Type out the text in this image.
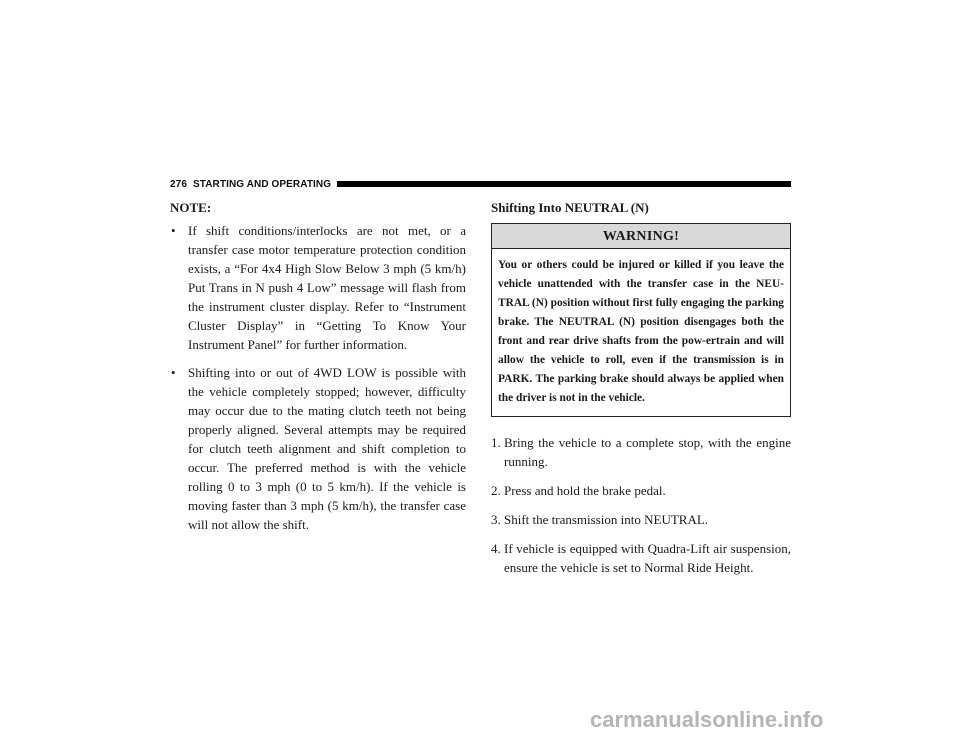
276 STARTING AND OPERATING
NOTE:
• If shift conditions/interlocks are not met, or a transfer case motor temperature protection condition exists, a “For 4x4 High Slow Below 3 mph (5 km/h) Put Trans in N push 4 Low” message will flash from the instrument cluster display. Refer to “Instrument Cluster Display” in “Getting To Know Your Instrument Panel” for further information.
• Shifting into or out of 4WD LOW is possible with the vehicle completely stopped; however, difficulty may occur due to the mating clutch teeth not being properly aligned. Several attempts may be required for clutch teeth alignment and shift completion to occur. The preferred method is with the vehicle rolling 0 to 3 mph (0 to 5 km/h). If the vehicle is moving faster than 3 mph (5 km/h), the transfer case will not allow the shift.
Shifting Into NEUTRAL (N)
WARNING!
You or others could be injured or killed if you leave the vehicle unattended with the transfer case in the NEU-TRAL (N) position without first fully engaging the parking brake. The NEUTRAL (N) position disengages both the front and rear drive shafts from the pow-ertrain and will allow the vehicle to roll, even if the transmission is in PARK. The parking brake should always be applied when the driver is not in the vehicle.
1. Bring the vehicle to a complete stop, with the engine running.
2. Press and hold the brake pedal.
3. Shift the transmission into NEUTRAL.
4. If vehicle is equipped with Quadra-Lift air suspension, ensure the vehicle is set to Normal Ride Height.
carmanualsonline.info
